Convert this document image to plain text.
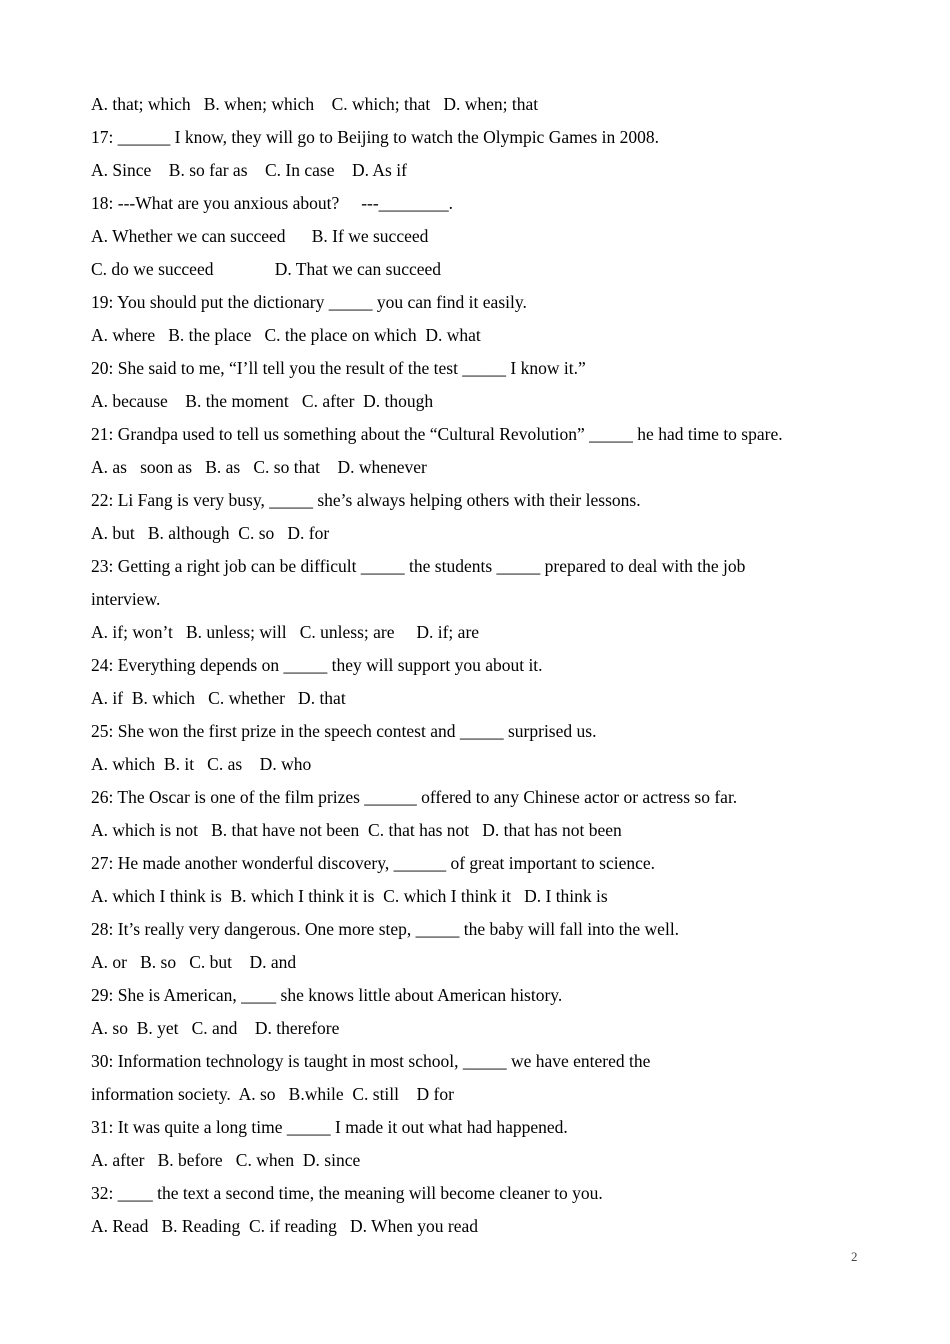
A. that; which   B. when; which    C. which; that   D. when; that
17: ______ I know, they will go to Beijing to watch the Olympic Games in 2008.
A. Since    B. so far as    C. In case    D. As if
18: ---What are you anxious about?     ---________.
A. Whether we can succeed      B. If we succeed
C. do we succeed              D. That we can succeed
19: You should put the dictionary _____ you can find it easily.
A. where   B. the place   C. the place on which  D. what
20: She said to me, “I’ll tell you the result of the test _____ I know it.”
A. because    B. the moment   C. after  D. though
21: Grandpa used to tell us something about the “Cultural Revolution” _____ he had time to spare.
A. as   soon as   B. as   C. so that    D. whenever
22: Li Fang is very busy, _____ she’s always helping others with their lessons.
A. but   B. although  C. so   D. for
23: Getting a right job can be difficult _____ the students _____ prepared to deal with the job
interview.
A. if; won’t   B. unless; will   C. unless; are     D. if; are
24: Everything depends on _____ they will support you about it.
A. if  B. which   C. whether   D. that
25: She won the first prize in the speech contest and _____ surprised us.
A. which  B. it   C. as    D. who
26: The Oscar is one of the film prizes ______ offered to any Chinese actor or actress so far.
A. which is not   B. that have not been  C. that has not   D. that has not been
27: He made another wonderful discovery, ______ of great important to science.
A. which I think is  B. which I think it is  C. which I think it   D. I think is
28: It’s really very dangerous. One more step, _____ the baby will fall into the well.
A. or   B. so   C. but    D. and
29: She is American, ____ she knows little about American history.
A. so  B. yet   C. and    D. therefore
30: Information technology is taught in most school, _____ we have entered the
information society.  A. so   B.while  C. still    D for
31: It was quite a long time _____ I made it out what had happened.
A. after   B. before   C. when  D. since
32: ____ the text a second time, the meaning will become cleaner to you.
A. Read   B. Reading  C. if reading   D. When you read
2
